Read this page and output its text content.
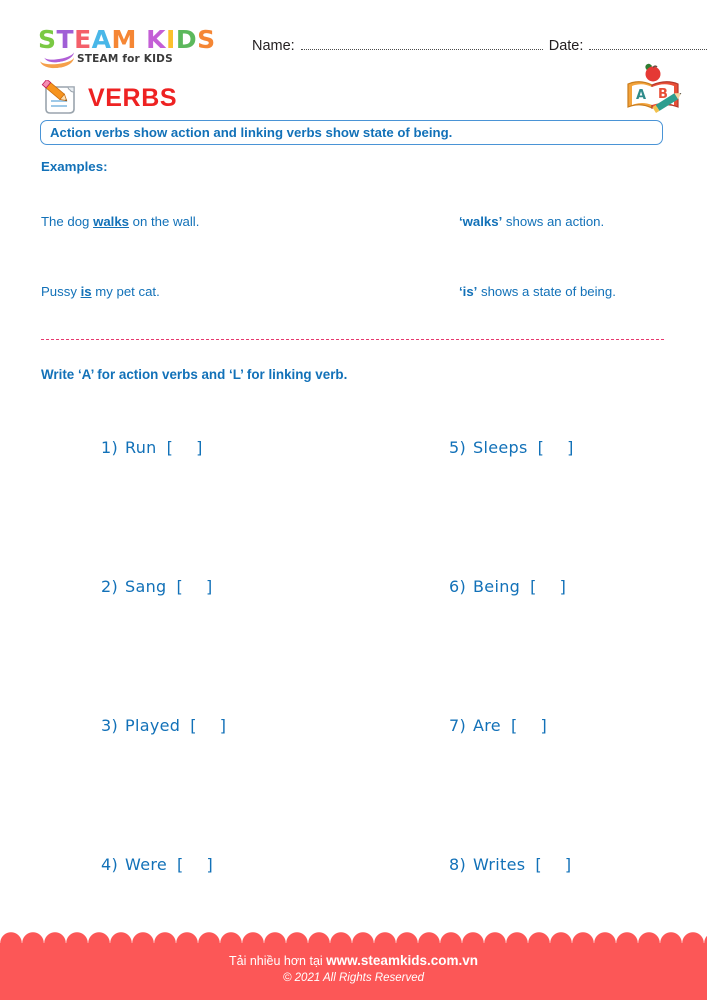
STEAM KIDS
STEAM for KIDS
Name:	Date:
VERBS	A B
Action verbs show action and linking verbs show state of being.
Examples:
The dog walks on the wall.	‘walks’ shows an action.
Pussy is my pet cat.	‘is’ shows a state of being.
Write ‘A’ for action verbs and ‘L’ for linking verb.
1) Run [   ]	5) Sleeps [   ]
2) Sang [   ]	6) Being [   ]
3) Played [   ]	7) Are [   ]
4) Were [   ]	8) Writes [   ]
Tải nhiều hơn tại www.steamkids.com.vn
© 2021 All Rights Reserved
